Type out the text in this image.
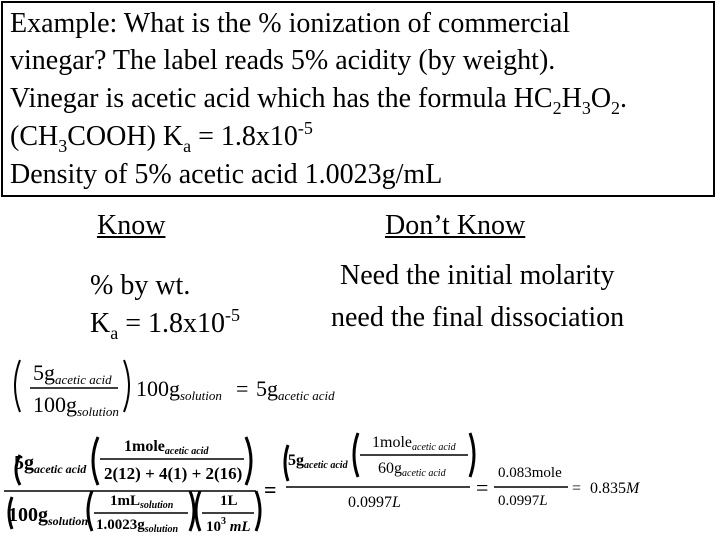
Example: What is the % ionization of commercial
vinegar? The label reads 5% acidity (by weight).
Vinegar is acetic acid which has the formula $HC_2H_3O_2$.
$(CH_3COOH) K_a = 1.8x10^{-5}$
Density of 5% acetic acid 1.0023g/mL
Know	Don’t Know
% by wt.
$K_a = 1.8x10^{-5}$
Need the initial molarity
need the final dissociation
5gacetic acid
100gsolution
100gsolution = 5gacetic acid
$5g_{acetic acid}$
1moleacetic acid
2(12) + 4(1) + 2(16)
$100g_{solution}$
$1mL_{solution}$
$1.0023g_{solution}$
1L
$10^3$ mL
=
5gacetic acid
1moleacetic acid
60gacetic acid
0.0997L
=
0.083mole
0.0997L
= 0.835M
